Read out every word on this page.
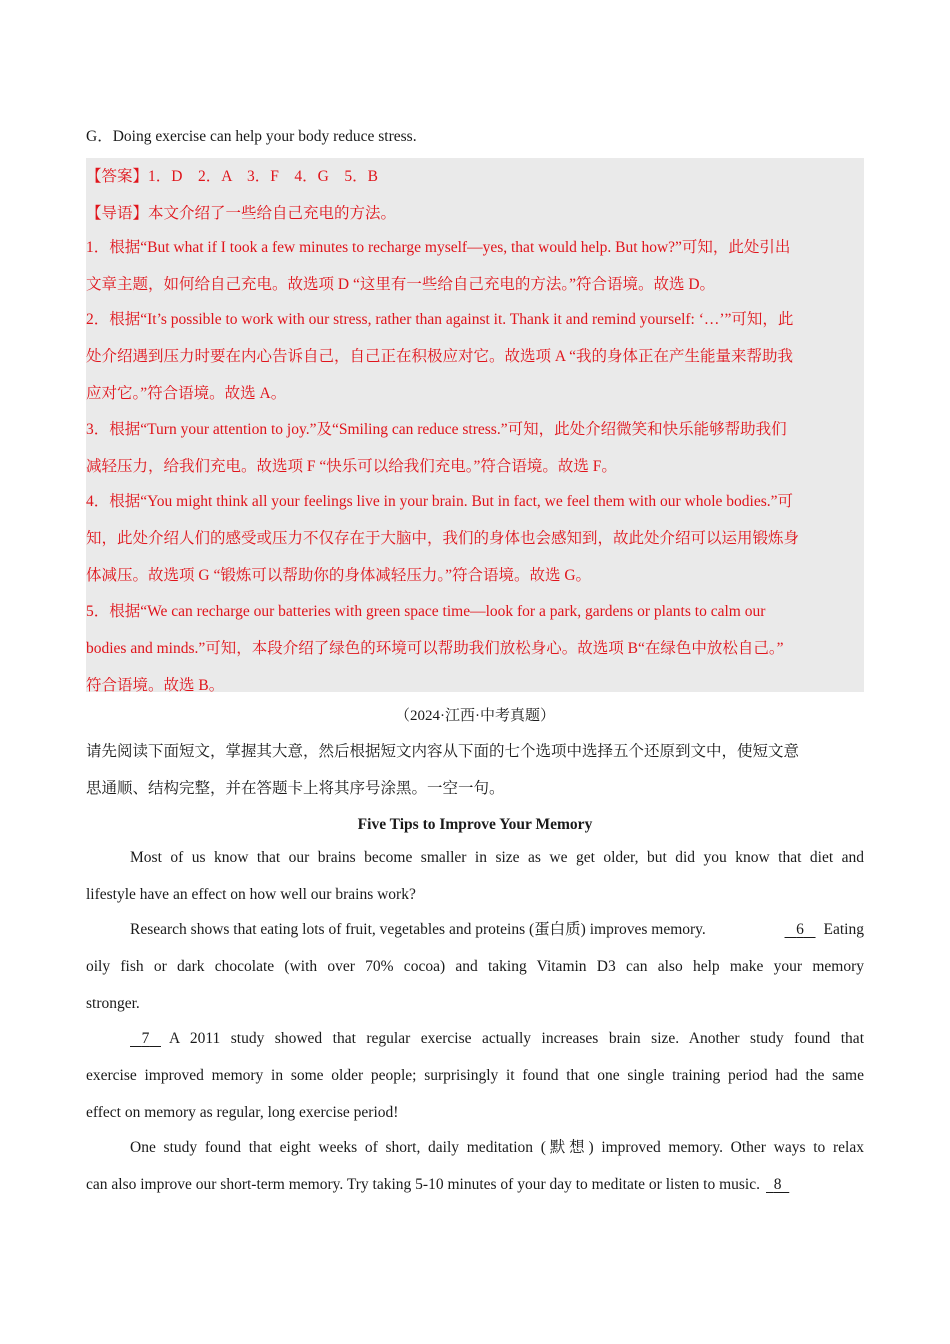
G．Doing exercise can help your body reduce stress.
【答案】1．D　2．A　3．F　4．G　5．B
【导语】本文介绍了一些给自己充电的方法。
1．根据“But what if I took a few minutes to recharge myself—yes, that would help. But how?”可知，此处引出
文章主题，如何给自己充电。故选项 D “这里有一些给自己充电的方法。”符合语境。故选 D。
2．根据“It’s possible to work with our stress, rather than against it. Thank it and remind yourself: ‘…’”可知，此
处介绍遇到压力时要在内心告诉自己，自己正在积极应对它。故选项 A “我的身体正在产生能量来帮助我
应对它。”符合语境。故选 A。
3．根据“Turn your attention to joy.”及“Smiling can reduce stress.”可知，此处介绍微笑和快乐能够帮助我们
减轻压力，给我们充电。故选项 F “快乐可以给我们充电。”符合语境。故选 F。
4．根据“You might think all your feelings live in your brain. But in fact, we feel them with our whole bodies.”可
知，此处介绍人们的感受或压力不仅存在于大脑中，我们的身体也会感知到，故此处介绍可以运用锻炼身
体减压。故选项 G “锻炼可以帮助你的身体减轻压力。”符合语境。故选 G。
5．根据“We can recharge our batteries with green space time—look for a park, gardens or plants to calm our
bodies and minds.”可知，本段介绍了绿色的环境可以帮助我们放松身心。故选项 B“在绿色中放松自己。”
符合语境。故选 B。
（2024·江西·中考真题）
请先阅读下面短文，掌握其大意，然后根据短文内容从下面的七个选项中选择五个还原到文中，使短文意
思通顺、结构完整，并在答题卡上将其序号涂黑。一空一句。
Five Tips to Improve Your Memory
Most of us know that our brains become smaller in size as we get older, but did you know that diet and
lifestyle have an effect on how well our brains work?
Research shows that eating lots of fruit, vegetables and proteins (蛋白质) improves memory.	6	Eating
oily fish or dark chocolate (with over 70% cocoa) and taking Vitamin D3 can also help make your memory
stronger.
7	A 2011 study showed that regular exercise actually increases brain size. Another study found that
exercise improved memory in some older people; surprisingly it found that one single training period had the same
effect on memory as regular, long exercise period!
One study found that eight weeks of short, daily meditation (默想) improved memory. Other ways to relax
can also improve our short-term memory. Try taking 5-10 minutes of your day to meditate or listen to music. 8
